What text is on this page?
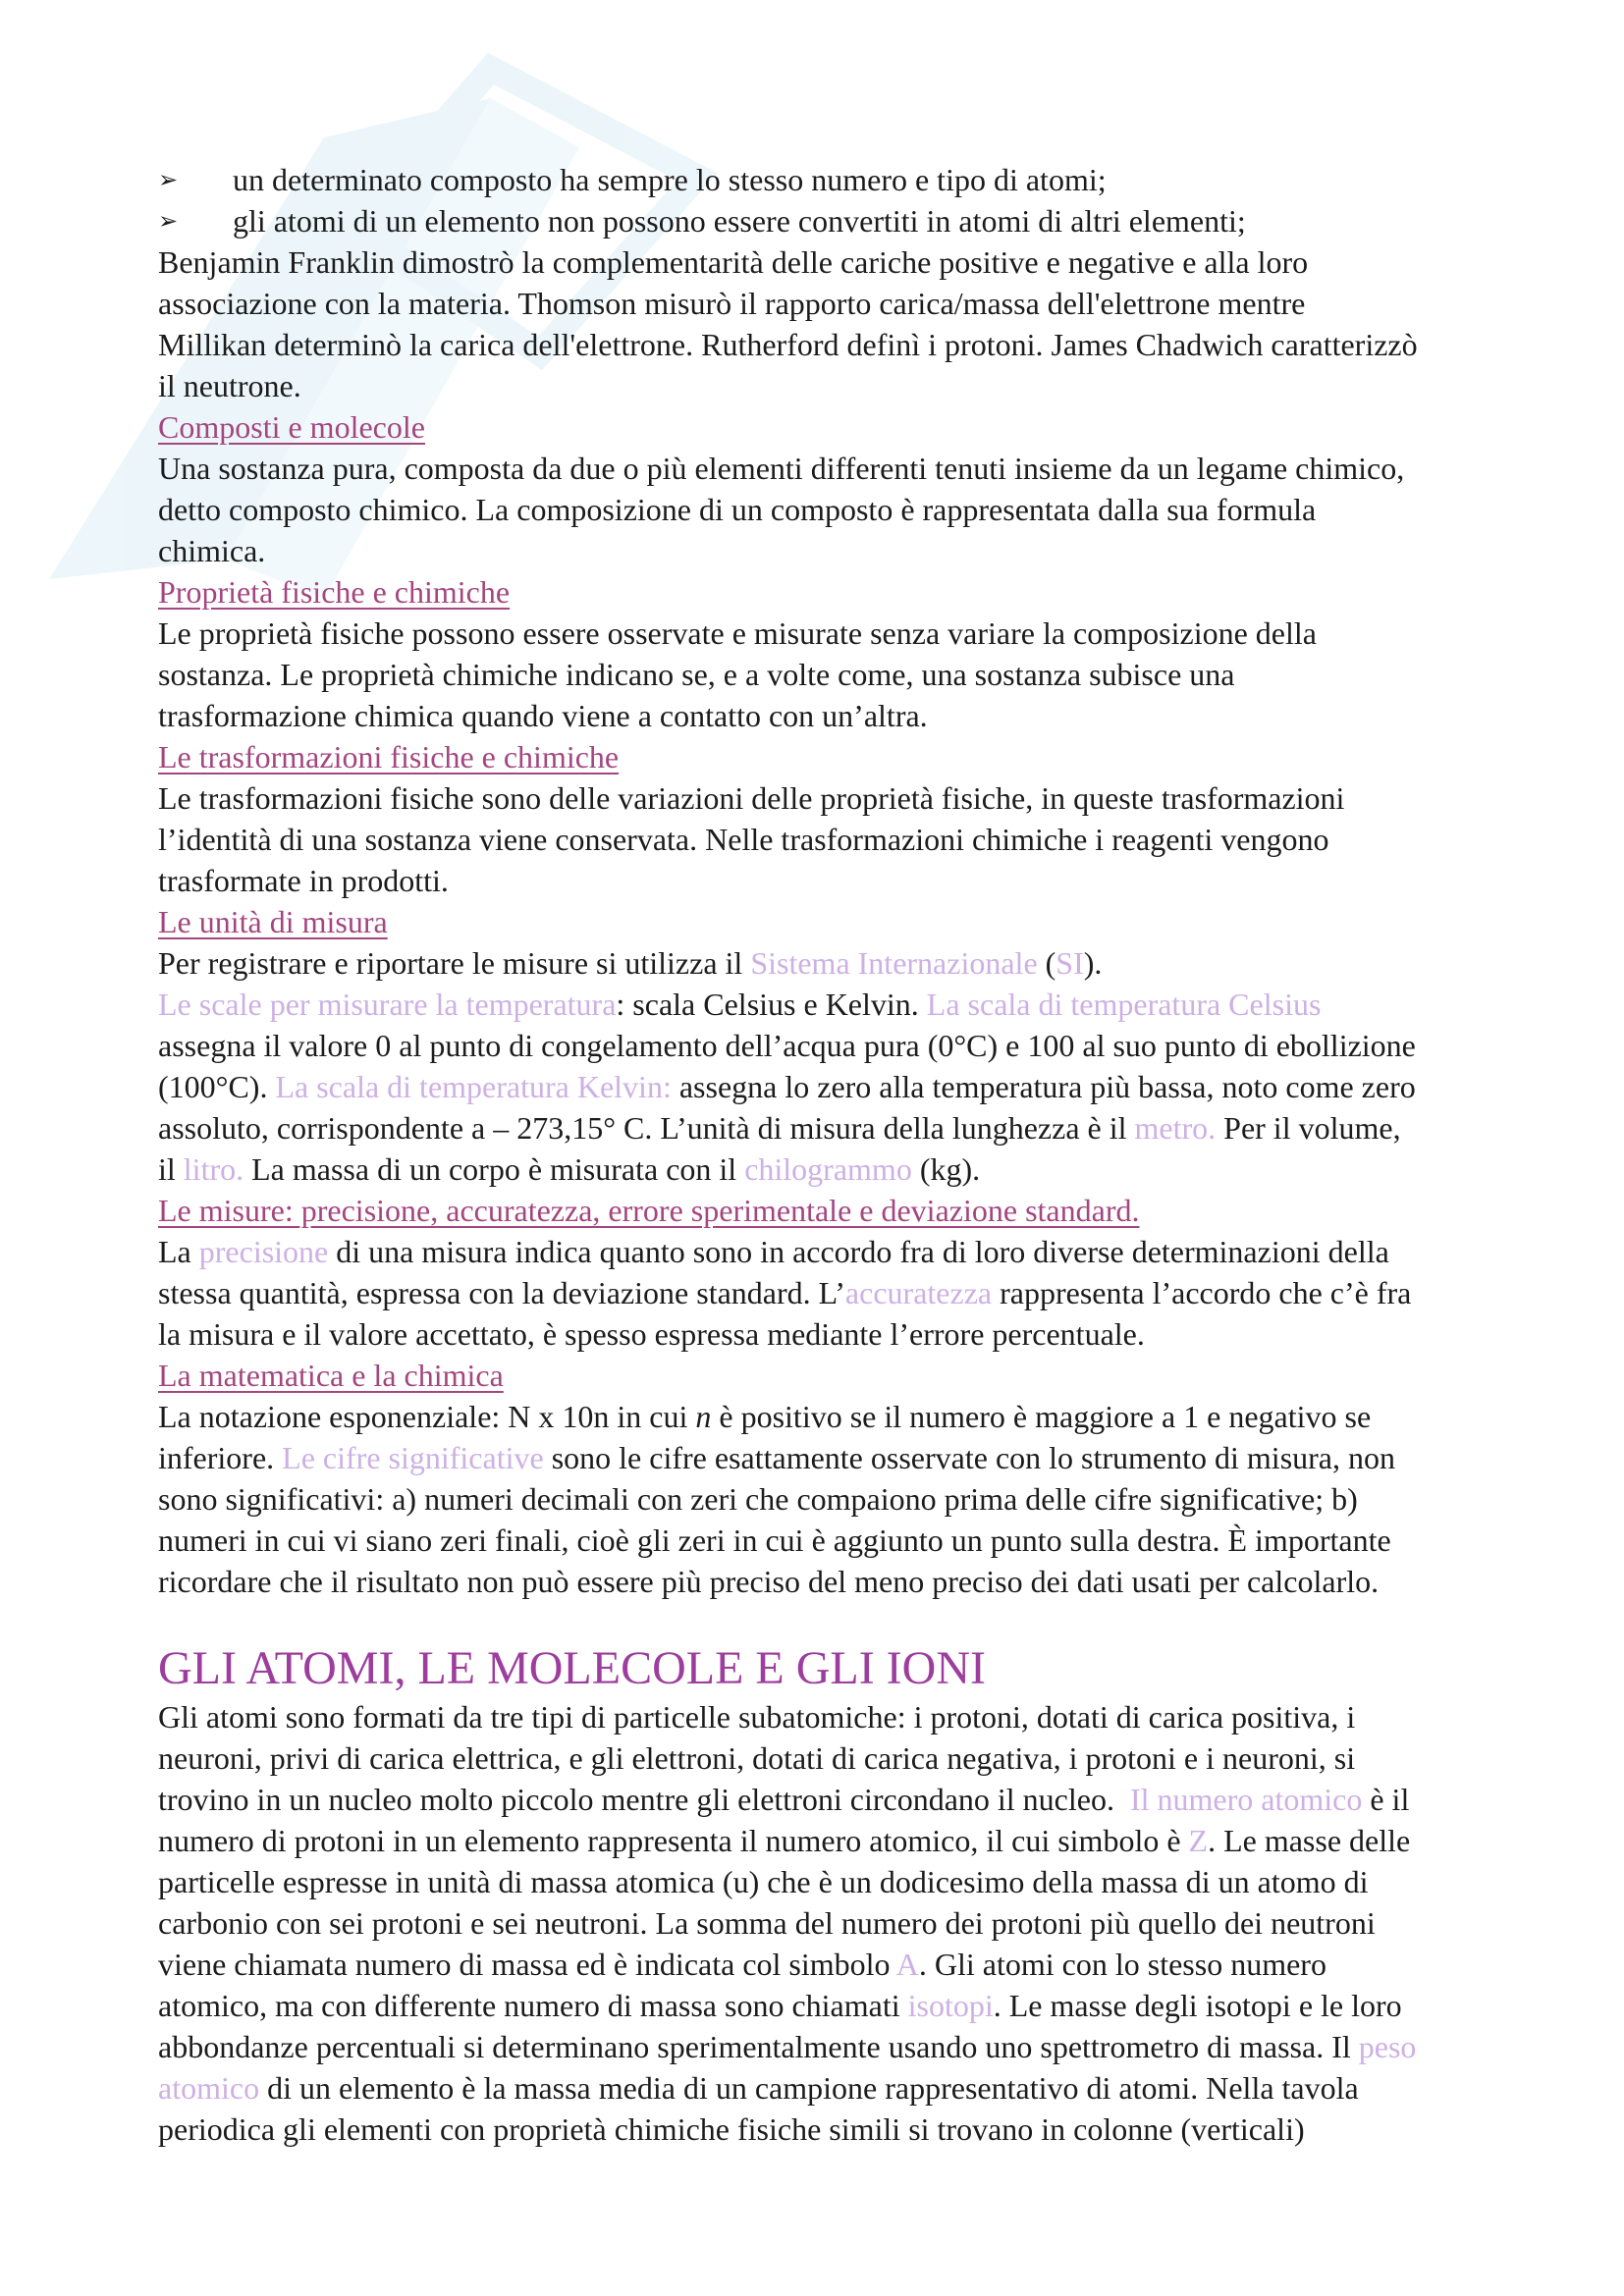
➢	un determinato composto ha sempre lo stesso numero e tipo di atomi;
➢	gli atomi di un elemento non possono essere convertiti in atomi di altri elementi;
Benjamin Franklin dimostrò la complementarità delle cariche positive e negative e alla loro
associazione con la materia. Thomson misurò il rapporto carica/massa dell'elettrone mentre
Millikan determinò la carica dell'elettrone. Rutherford definì i protoni. James Chadwich caratterizzò
il neutrone.
Composti e molecole
Una sostanza pura, composta da due o più elementi differenti tenuti insieme da un legame chimico,
detto composto chimico. La composizione di un composto è rappresentata dalla sua formula
chimica.
Proprietà fisiche e chimiche
Le proprietà fisiche possono essere osservate e misurate senza variare la composizione della
sostanza. Le proprietà chimiche indicano se, e a volte come, una sostanza subisce una
trasformazione chimica quando viene a contatto con un’altra.
Le trasformazioni fisiche e chimiche
Le trasformazioni fisiche sono delle variazioni delle proprietà fisiche, in queste trasformazioni
l’identità di una sostanza viene conservata. Nelle trasformazioni chimiche i reagenti vengono
trasformate in prodotti.
Le unità di misura
Per registrare e riportare le misure si utilizza il Sistema Internazionale (SI).
Le scale per misurare la temperatura: scala Celsius e Kelvin. La scala di temperatura Celsius
assegna il valore 0 al punto di congelamento dell’acqua pura (0°C) e 100 al suo punto di ebollizione
(100°C). La scala di temperatura Kelvin: assegna lo zero alla temperatura più bassa, noto come zero
assoluto, corrispondente a – 273,15° C. L’unità di misura della lunghezza è il metro. Per il volume,
il litro. La massa di un corpo è misurata con il chilogrammo (kg).
Le misure: precisione, accuratezza, errore sperimentale e deviazione standard.
La precisione di una misura indica quanto sono in accordo fra di loro diverse determinazioni della
stessa quantità, espressa con la deviazione standard. L’accuratezza rappresenta l’accordo che c’è fra
la misura e il valore accettato, è spesso espressa mediante l’errore percentuale.
La matematica e la chimica
La notazione esponenziale: N x 10n in cui n è positivo se il numero è maggiore a 1 e negativo se
inferiore. Le cifre significative sono le cifre esattamente osservate con lo strumento di misura, non
sono significativi: a) numeri decimali con zeri che compaiono prima delle cifre significative; b)
numeri in cui vi siano zeri finali, cioè gli zeri in cui è aggiunto un punto sulla destra. È importante
ricordare che il risultato non può essere più preciso del meno preciso dei dati usati per calcolarlo.
GLI ATOMI, LE MOLECOLE E GLI IONI
Gli atomi sono formati da tre tipi di particelle subatomiche: i protoni, dotati di carica positiva, i
neuroni, privi di carica elettrica, e gli elettroni, dotati di carica negativa, i protoni e i neuroni, si
trovino in un nucleo molto piccolo mentre gli elettroni circondano il nucleo.  Il numero atomico è il
numero di protoni in un elemento rappresenta il numero atomico, il cui simbolo è Z. Le masse delle
particelle espresse in unità di massa atomica (u) che è un dodicesimo della massa di un atomo di
carbonio con sei protoni e sei neutroni. La somma del numero dei protoni più quello dei neutroni
viene chiamata numero di massa ed è indicata col simbolo A. Gli atomi con lo stesso numero
atomico, ma con differente numero di massa sono chiamati isotopi. Le masse degli isotopi e le loro
abbondanze percentuali si determinano sperimentalmente usando uno spettrometro di massa. Il peso
atomico di un elemento è la massa media di un campione rappresentativo di atomi. Nella tavola
periodica gli elementi con proprietà chimiche fisiche simili si trovano in colonne (verticali)
